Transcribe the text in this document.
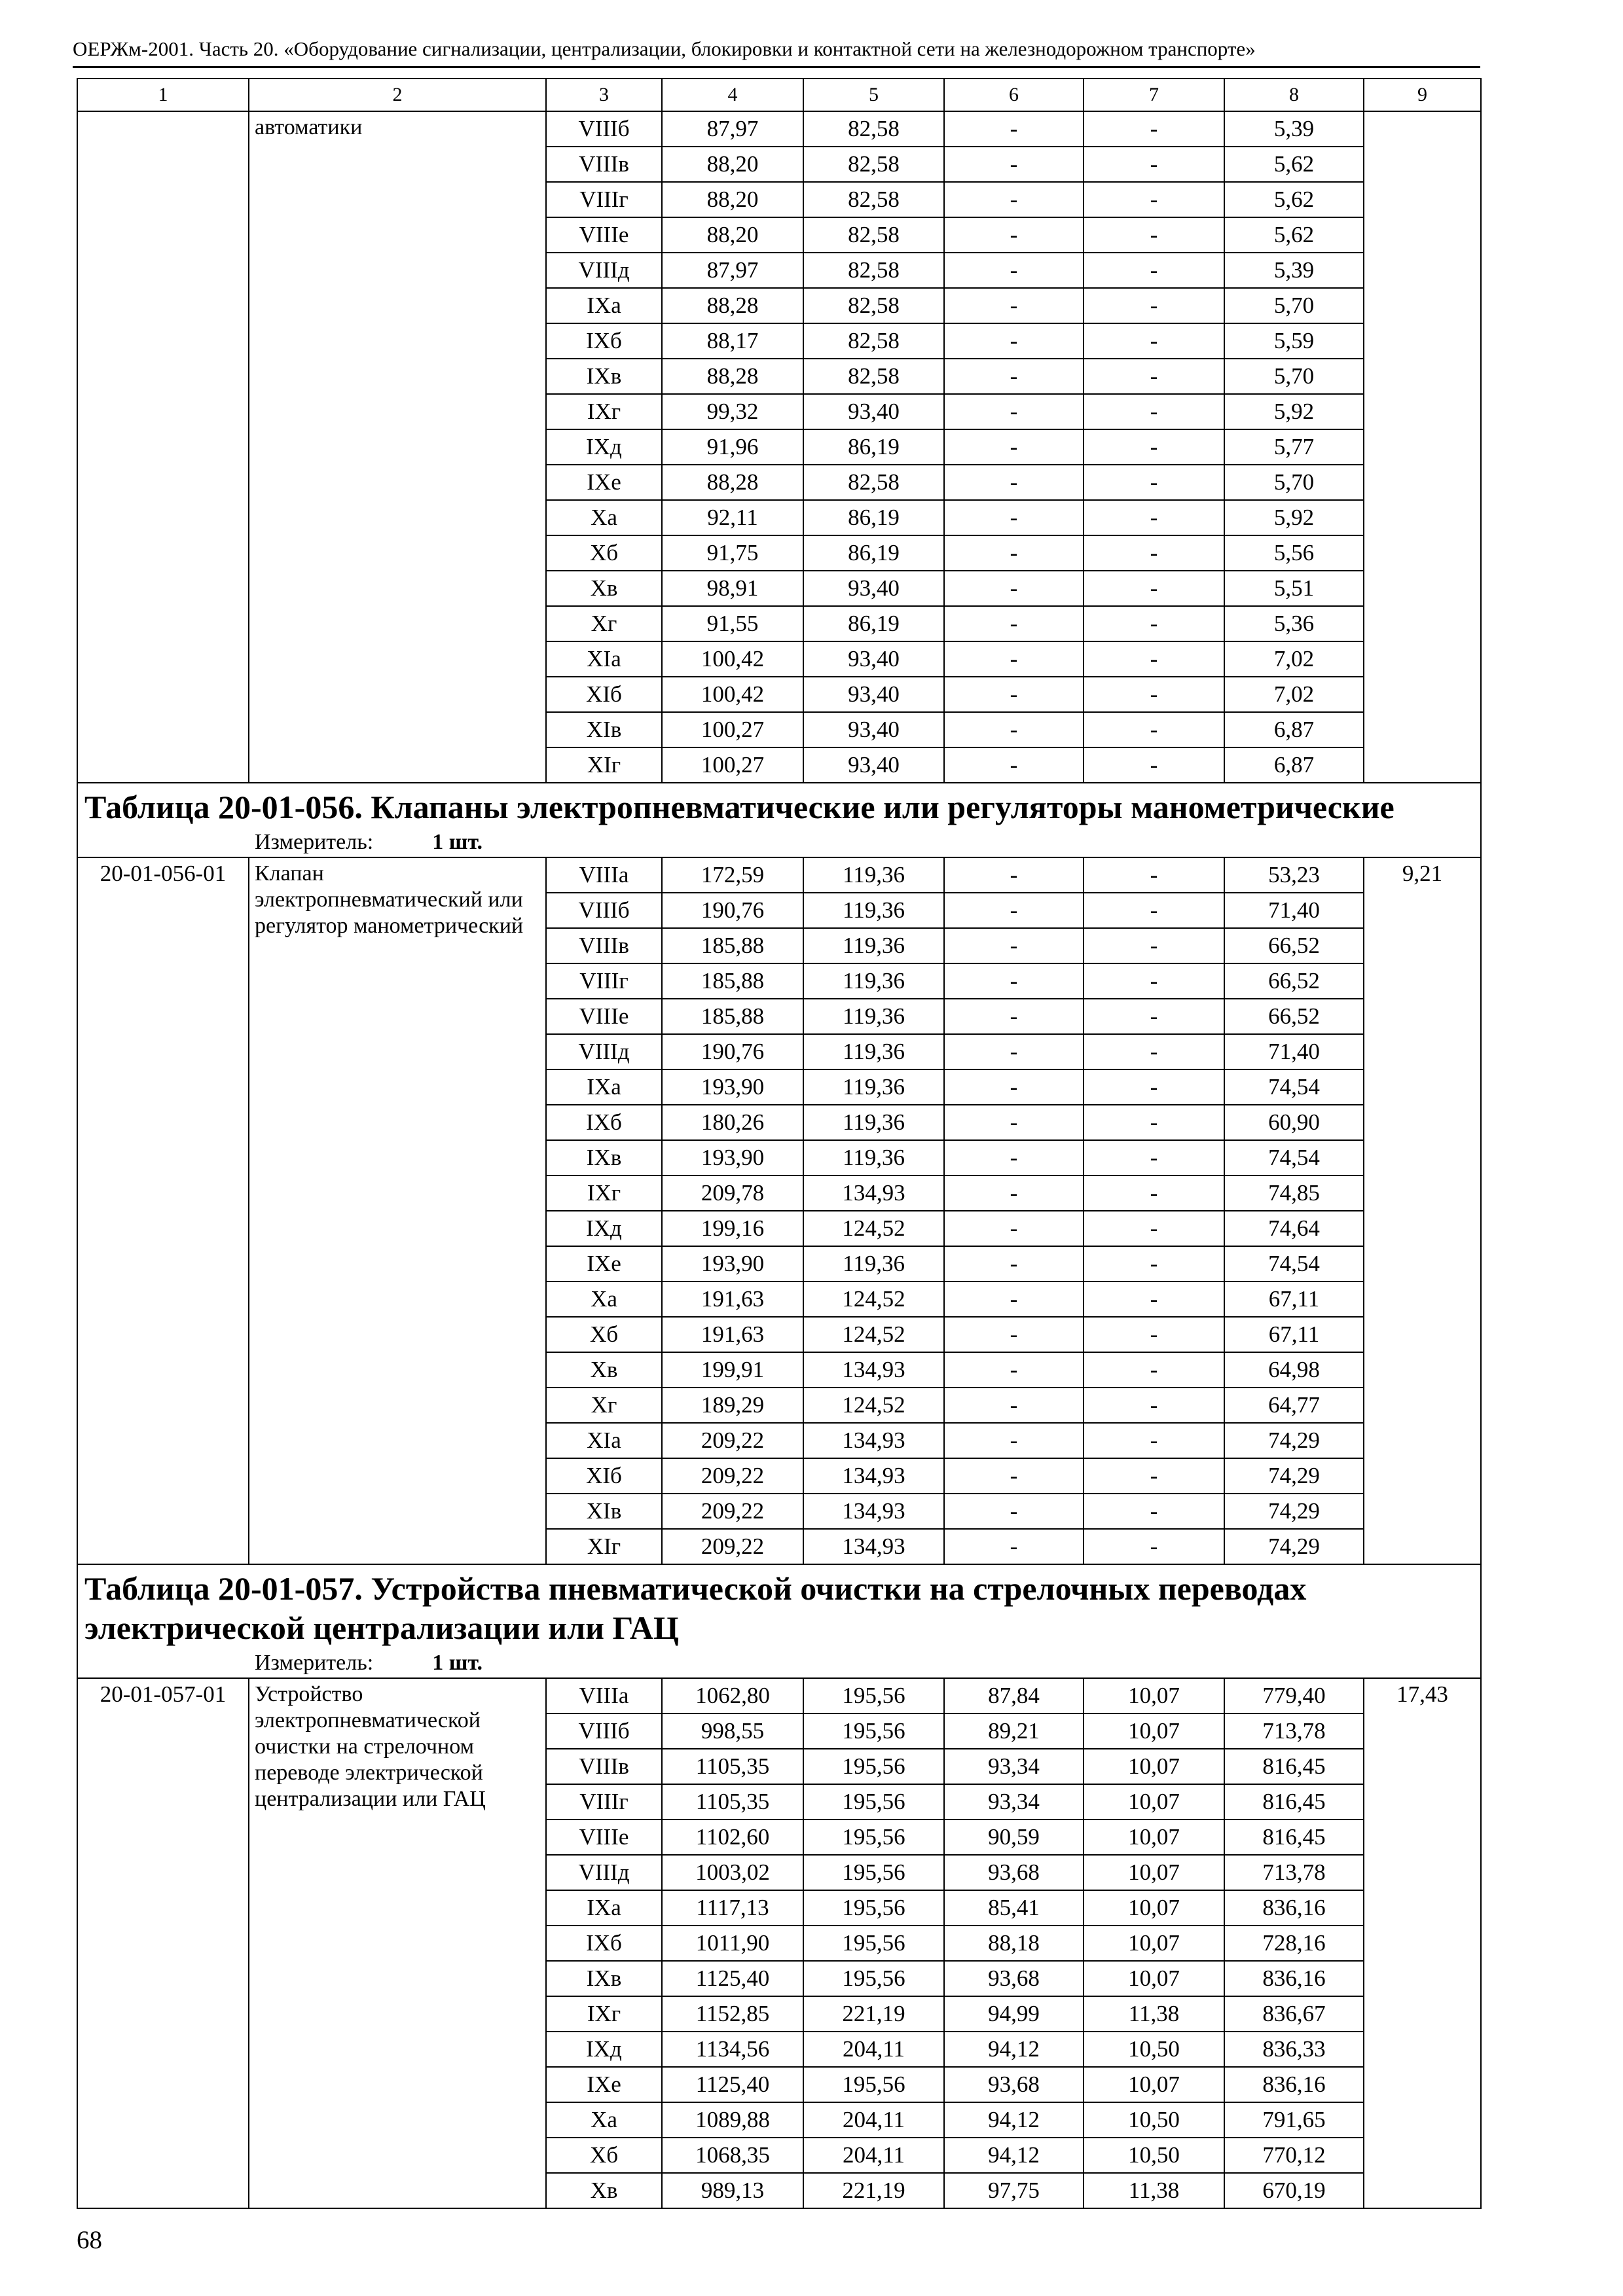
ОЕРЖм-2001. Часть 20. «Оборудование сигнализации, централизации, блокировки и контактной сети на железнодорожном транспорте»
1	2	3	4	5	6	7	8	9
	автоматики	VIIIб	87,97	82,58	-	-	5,39	
		VIIIв	88,20	82,58	-	-	5,62	
		VIIIг	88,20	82,58	-	-	5,62	
		VIIIе	88,20	82,58	-	-	5,62	
		VIIIд	87,97	82,58	-	-	5,39	
		IXа	88,28	82,58	-	-	5,70	
		IXб	88,17	82,58	-	-	5,59	
		IXв	88,28	82,58	-	-	5,70	
		IXг	99,32	93,40	-	-	5,92	
		IXд	91,96	86,19	-	-	5,77	
		IXе	88,28	82,58	-	-	5,70	
		Xа	92,11	86,19	-	-	5,92	
		Xб	91,75	86,19	-	-	5,56	
		Xв	98,91	93,40	-	-	5,51	
		Xг	91,55	86,19	-	-	5,36	
		XIа	100,42	93,40	-	-	7,02	
		XIб	100,42	93,40	-	-	7,02	
		XIв	100,27	93,40	-	-	6,87	
		XIг	100,27	93,40	-	-	6,87	
Таблица 20-01-056. Клапаны электропневматические или регуляторы манометрические								
Измеритель: 1 шт.								
20-01-056-01	Клапан электропневматический или регулятор манометрический	VIIIа	172,59	119,36	-	-	53,23	9,21
		VIIIб	190,76	119,36	-	-	71,40	
		VIIIв	185,88	119,36	-	-	66,52	
		VIIIг	185,88	119,36	-	-	66,52	
		VIIIе	185,88	119,36	-	-	66,52	
		VIIIд	190,76	119,36	-	-	71,40	
		IXа	193,90	119,36	-	-	74,54	
		IXб	180,26	119,36	-	-	60,90	
		IXв	193,90	119,36	-	-	74,54	
		IXг	209,78	134,93	-	-	74,85	
		IXд	199,16	124,52	-	-	74,64	
		IXе	193,90	119,36	-	-	74,54	
		Xа	191,63	124,52	-	-	67,11	
		Xб	191,63	124,52	-	-	67,11	
		Xв	199,91	134,93	-	-	64,98	
		Xг	189,29	124,52	-	-	64,77	
		XIа	209,22	134,93	-	-	74,29	
		XIб	209,22	134,93	-	-	74,29	
		XIв	209,22	134,93	-	-	74,29	
		XIг	209,22	134,93	-	-	74,29	
Таблица 20-01-057. Устройства пневматической очистки на стрелочных переводах электрической централизации или ГАЦ								
Измеритель: 1 шт.								
20-01-057-01	Устройство электропневматической очистки на стрелочном переводе электрической централизации или ГАЦ	VIIIа	1062,80	195,56	87,84	10,07	779,40	17,43
		VIIIб	998,55	195,56	89,21	10,07	713,78	
		VIIIв	1105,35	195,56	93,34	10,07	816,45	
		VIIIг	1105,35	195,56	93,34	10,07	816,45	
		VIIIе	1102,60	195,56	90,59	10,07	816,45	
		VIIIд	1003,02	195,56	93,68	10,07	713,78	
		IXа	1117,13	195,56	85,41	10,07	836,16	
		IXб	1011,90	195,56	88,18	10,07	728,16	
		IXв	1125,40	195,56	93,68	10,07	836,16	
		IXг	1152,85	221,19	94,99	11,38	836,67	
		IXд	1134,56	204,11	94,12	10,50	836,33	
		IXе	1125,40	195,56	93,68	10,07	836,16	
		Xа	1089,88	204,11	94,12	10,50	791,65	
		Xб	1068,35	204,11	94,12	10,50	770,12	
		Xв	989,13	221,19	97,75	11,38	670,19	
68
